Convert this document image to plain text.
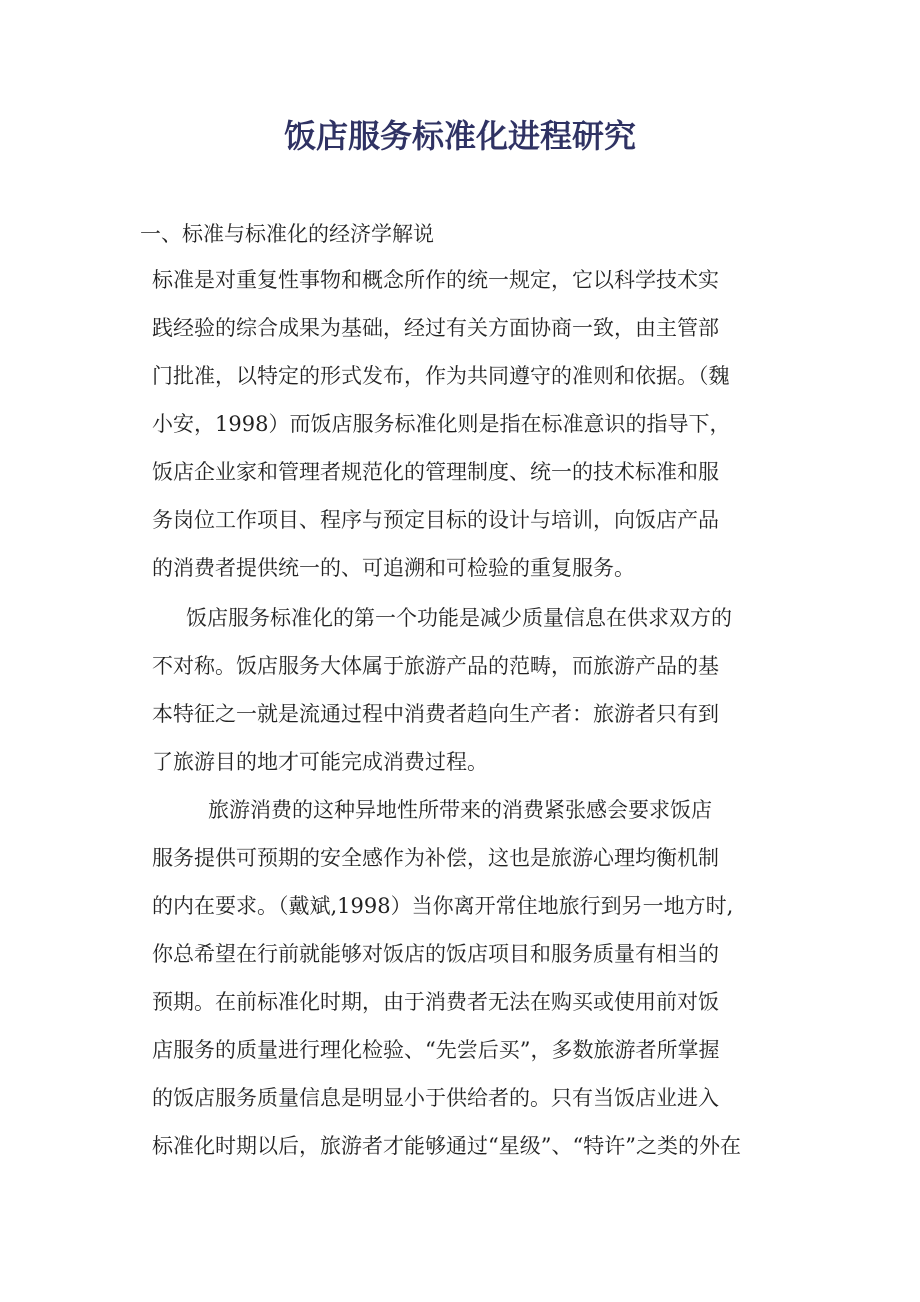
饭店服务标准化进程研究
一、标准与标准化的经济学解说
标准是对重复性事物和概念所作的统一规定，它以科学技术实
践经验的综合成果为基础，经过有关方面协商一致，由主管部
门批准，以特定的形式发布，作为共同遵守的准则和依据。（魏
小安，1998）而饭店服务标准化则是指在标准意识的指导下，
饭店企业家和管理者规范化的管理制度、统一的技术标准和服
务岗位工作项目、程序与预定目标的设计与培训，向饭店产品
的消费者提供统一的、可追溯和可检验的重复服务。
饭店服务标准化的第一个功能是减少质量信息在供求双方的
不对称。饭店服务大体属于旅游产品的范畴，而旅游产品的基
本特征之一就是流通过程中消费者趋向生产者：旅游者只有到
了旅游目的地才可能完成消费过程。
旅游消费的这种异地性所带来的消费紧张感会要求饭店
服务提供可预期的安全感作为补偿，这也是旅游心理均衡机制
的内在要求。（戴斌,1998）当你离开常住地旅行到另一地方时,
你总希望在行前就能够对饭店的饭店项目和服务质量有相当的
预期。在前标准化时期，由于消费者无法在购买或使用前对饭
店服务的质量进行理化检验、“先尝后买”，多数旅游者所掌握
的饭店服务质量信息是明显小于供给者的。只有当饭店业进入
标准化时期以后，旅游者才能够通过“星级”、“特许”之类的外在
